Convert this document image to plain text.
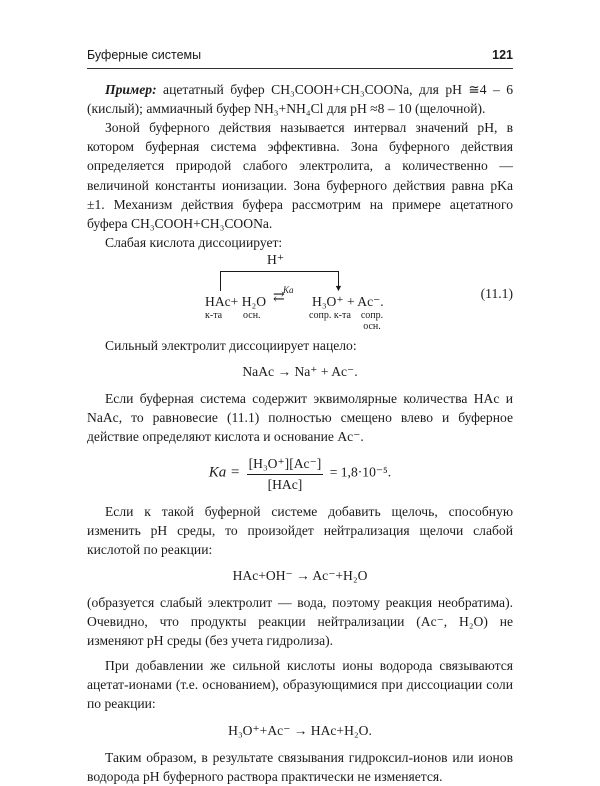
Буферные системы	121

Пример: ацетатный буфер CH₃COOH+CH₃COONa, для pH ≅4 – 6 (кислый); аммиачный буфер NH₃+NH₄Cl для pH ≈8 – 10 (щелочной).

Зоной буферного действия называется интервал значений рН, в котором буферная система эффективна. Зона буферного действия определяется природой слабого электролита, а количественно — величиной константы ионизации. Зона буферного действия равна pKa ±1. Механизм действия буфера рассмотрим на примере ацетатного буфера CH₃COOH+CH₃COONa.

Слабая кислота диссоциирует:

▼
H⁺
HAc+ H₂O
Ka
⇄ H₃O⁺ + Ac⁻.
(11.1)
к-та осн.	сопр. к-та сопр. осн.

Сильный электролит диссоциирует нацело:

NaAc → Na⁺ + Ac⁻.

Если буферная система содержит эквимолярные количества HAc и NaAc, то равновесие (11.1) полностью смещено влево и буферное действие определяют кислота и основание Ac⁻.

$Ka = \frac{\text{[H₃O⁺][Ac⁻]}}{\text{[HAc]}} = 1,8\cdot 10^{-5}$.

Если к такой буферной системе добавить щелочь, способную изменить рН среды, то произойдет нейтрализация щелочи слабой кислотой по реакции:

HAc+OH⁻ → Ac⁻+H₂O

(образуется слабый электролит — вода, поэтому реакция необратима). Очевидно, что продукты реакции нейтрализации (Ac⁻, H₂O) не изменяют pH среды (без учета гидролиза).

При добавлении же сильной кислоты ионы водорода связываются ацетат-ионами (т.е. основанием), образующимися при диссоциации соли по реакции:

H₃O⁺+Ac⁻ → HAc+H₂O.

Таким образом, в результате связывания гидроксил-ионов или ионов водорода pH буферного раствора практически не изменяется.
